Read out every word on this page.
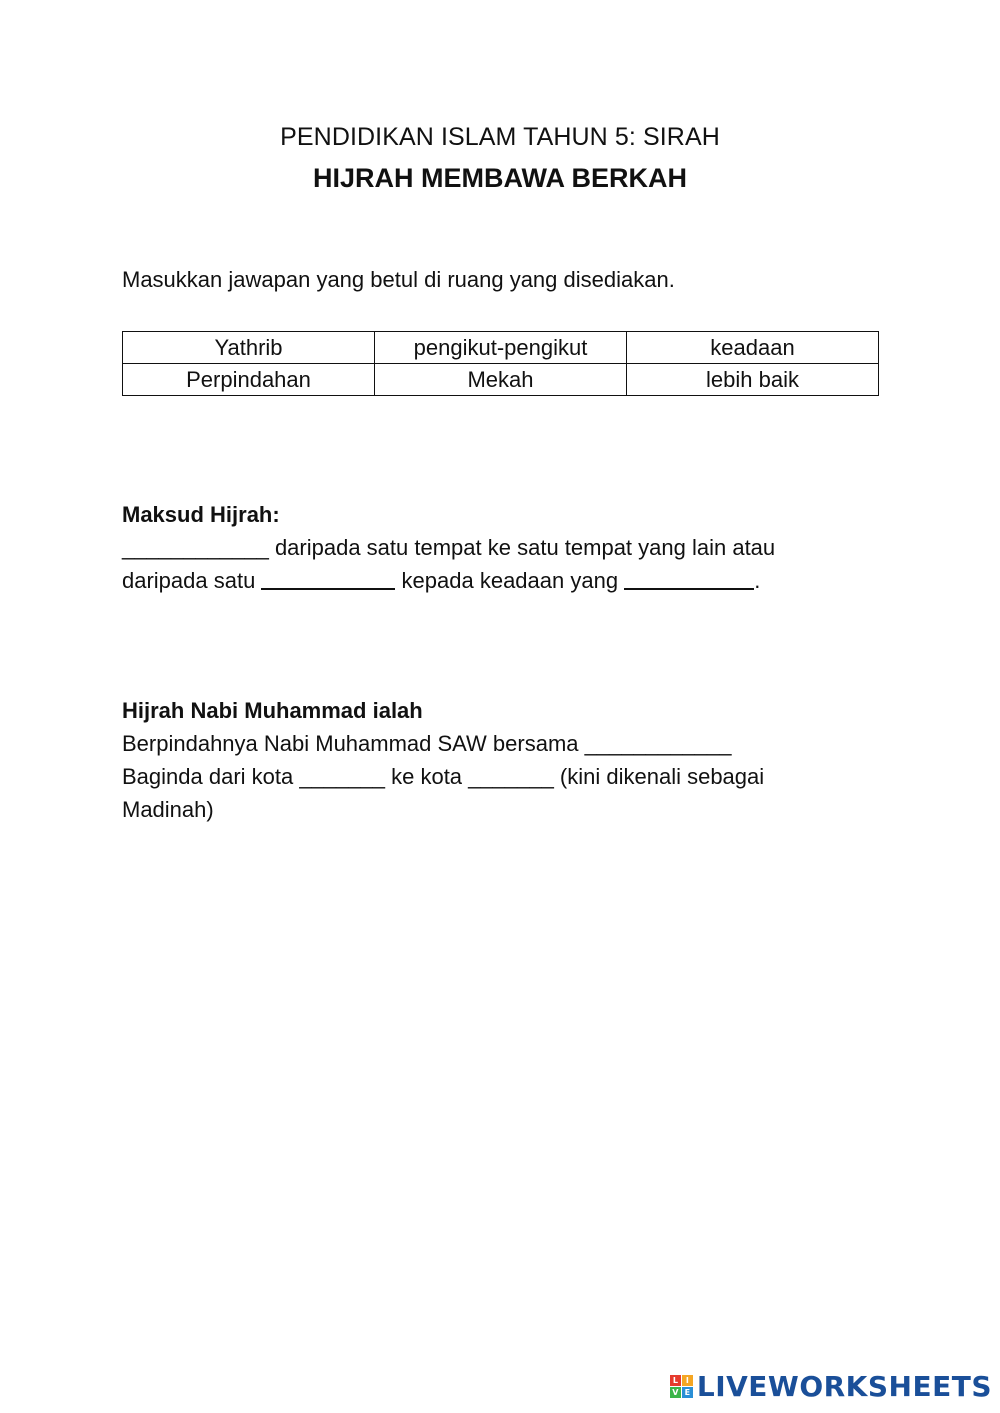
PENDIDIKAN ISLAM TAHUN 5: SIRAH
HIJRAH MEMBAWA BERKAH
Masukkan jawapan yang betul di ruang yang disediakan.
Yathrib	pengikut-pengikut	keadaan
Perpindahan	Mekah	lebih baik
Maksud Hijrah:
____________ daripada satu tempat ke satu tempat yang lain atau
daripada satu	kepada keadaan yang	.
Hijrah Nabi Muhammad ialah
Berpindahnya Nabi Muhammad SAW bersama ____________
Baginda dari kota _______ ke kota _______ (kini dikenali sebagai
Madinah)
L I
V E LIVEWORKSHEETS
